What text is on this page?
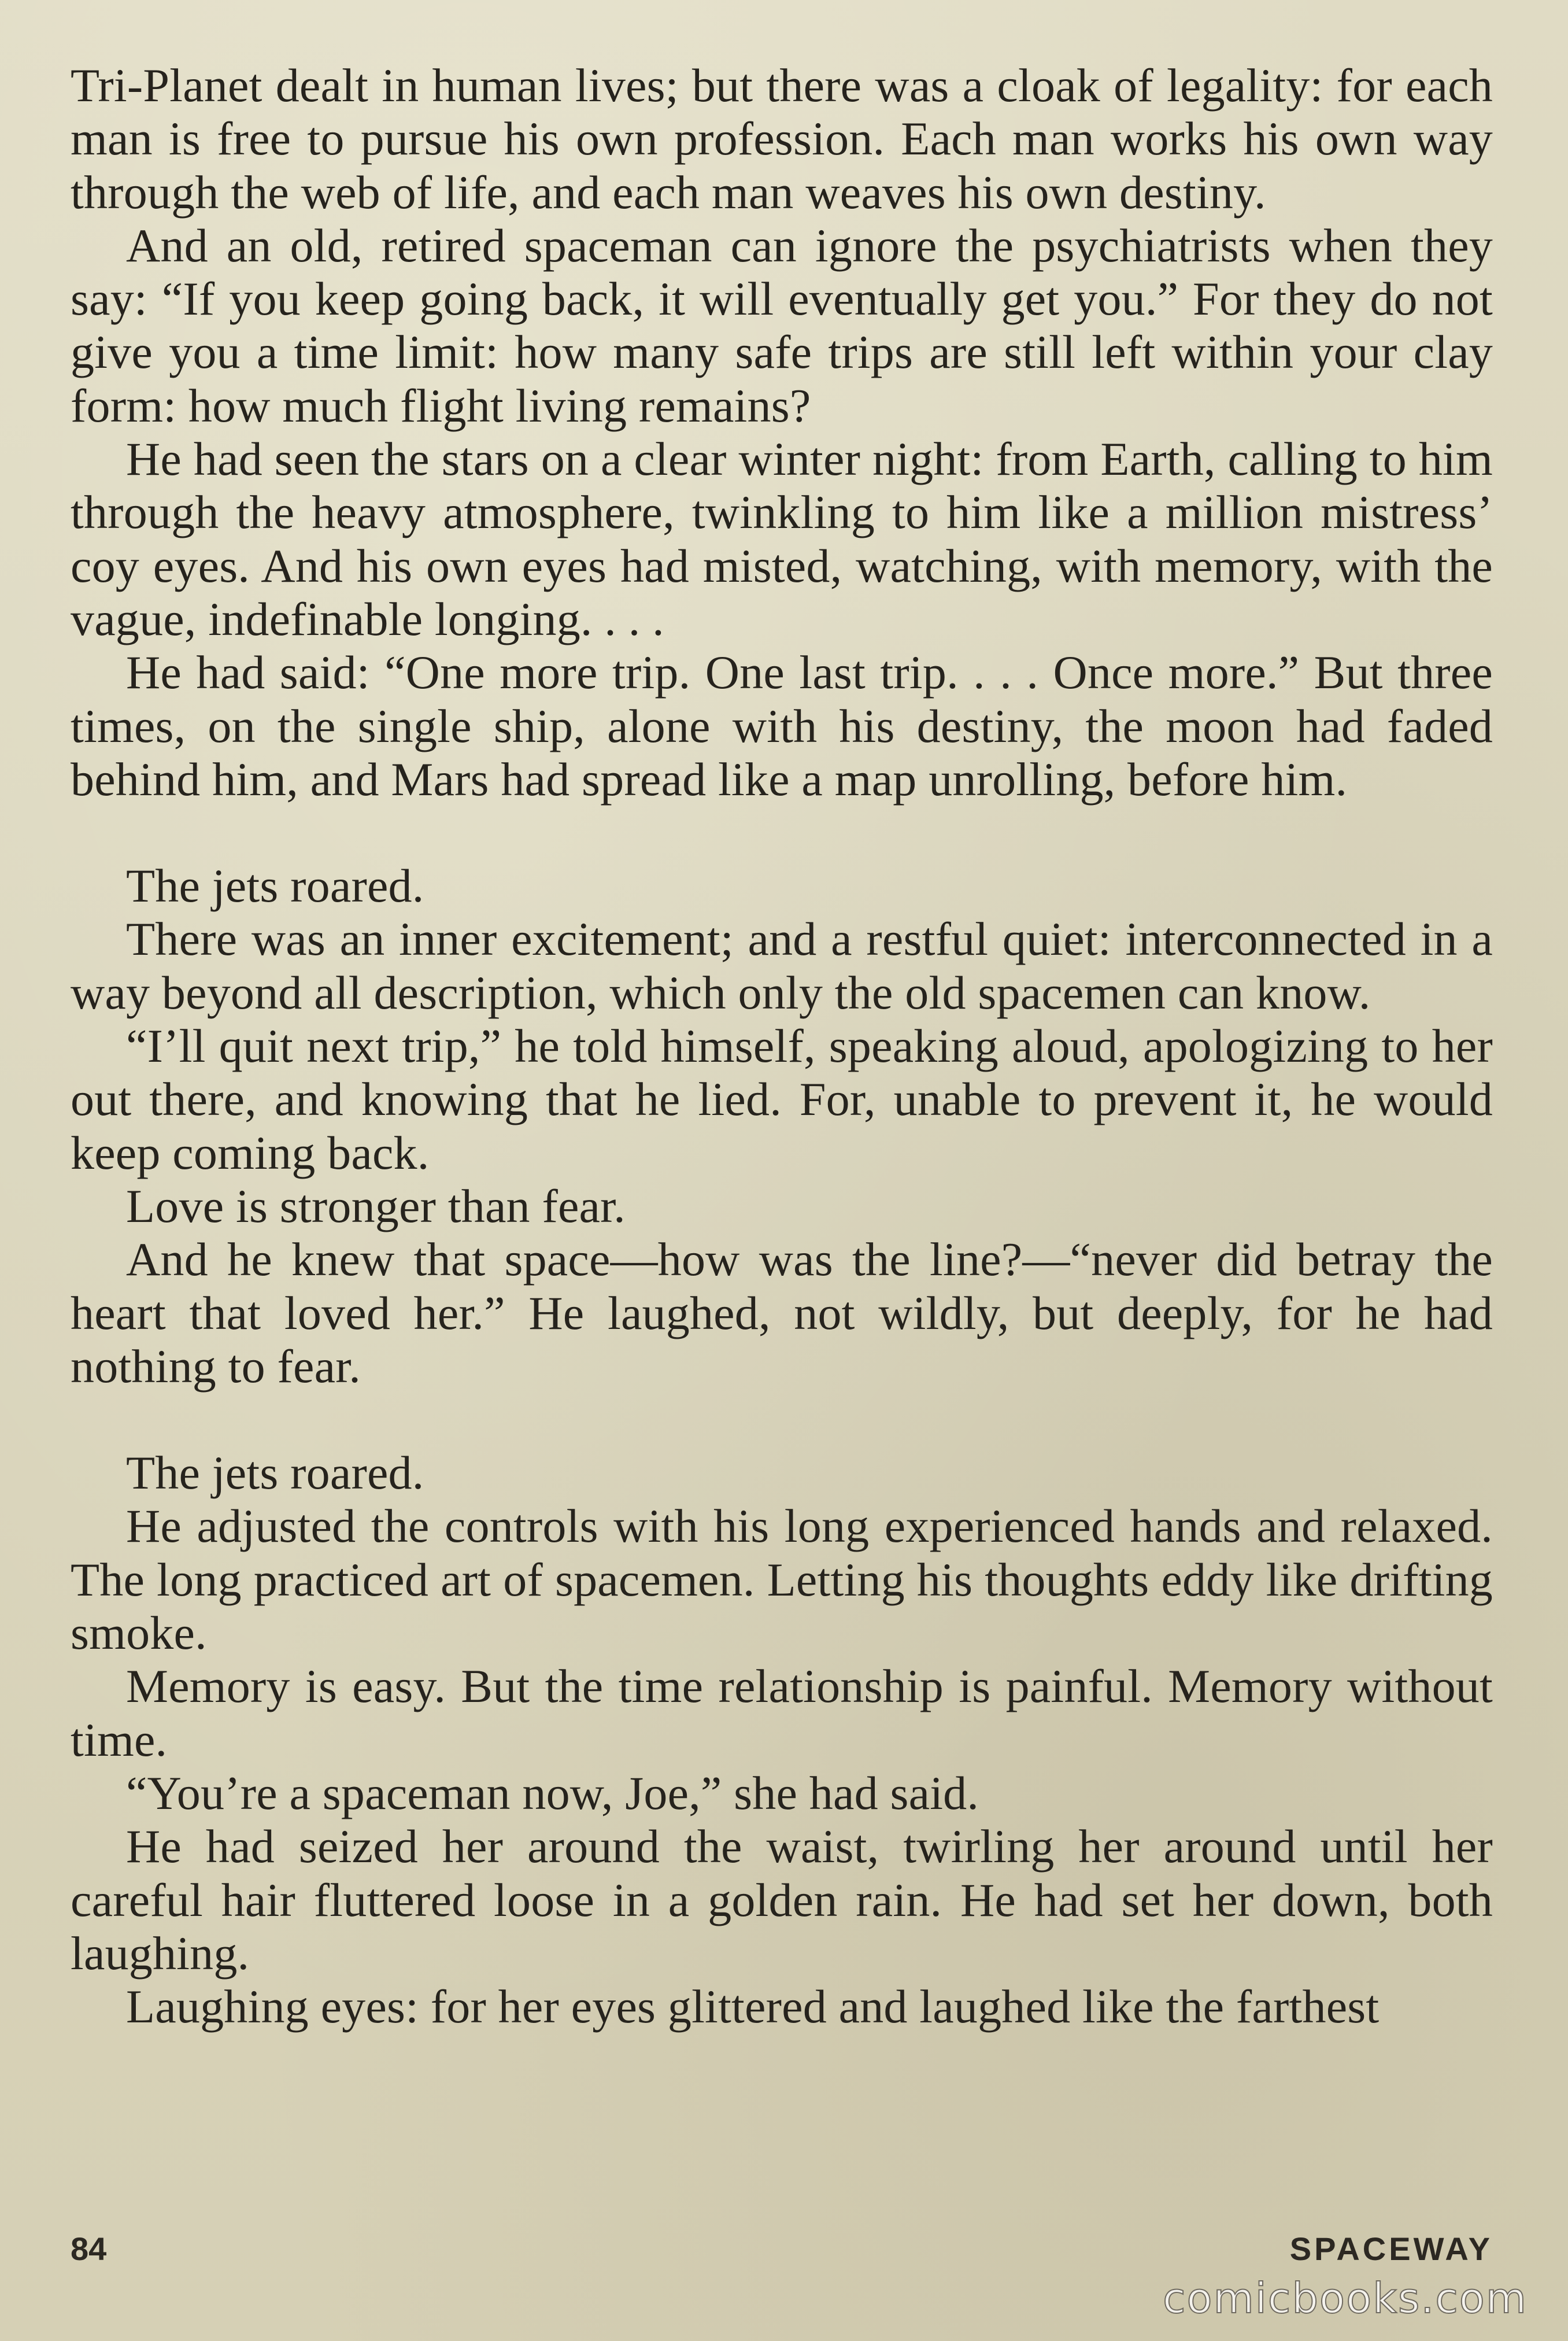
Tri-Planet dealt in human lives; but there was a cloak of legality: for each man is free to pursue his own profession. Each man works his own way through the web of life, and each man weaves his own destiny.

And an old, retired spaceman can ignore the psychiatrists when they say: “If you keep going back, it will eventually get you.” For they do not give you a time limit: how many safe trips are still left within your clay form: how much flight living remains?

He had seen the stars on a clear winter night: from Earth, calling to him through the heavy atmosphere, twinkling to him like a million mistress’ coy eyes. And his own eyes had misted, watching, with memory, with the vague, indefinable longing. . . .

He had said: “One more trip. One last trip. . . . Once more.” But three times, on the single ship, alone with his destiny, the moon had faded behind him, and Mars had spread like a map unrolling, before him.

The jets roared.

There was an inner excitement; and a restful quiet: interconnected in a way beyond all description, which only the old spacemen can know.

“I’ll quit next trip,” he told himself, speaking aloud, apologizing to her out there, and knowing that he lied. For, unable to prevent it, he would keep coming back.

Love is stronger than fear.

And he knew that space—how was the line?—“never did betray the heart that loved her.” He laughed, not wildly, but deeply, for he had nothing to fear.

The jets roared.

He adjusted the controls with his long experienced hands and relaxed. The long practiced art of spacemen. Letting his thoughts eddy like drifting smoke.

Memory is easy. But the time relationship is painful. Memory without time.

“You’re a spaceman now, Joe,” she had said.

He had seized her around the waist, twirling her around until her careful hair fluttered loose in a golden rain. He had set her down, both laughing.

Laughing eyes: for her eyes glittered and laughed like the farthest

84	SPACEWAY
comicbooks.com
